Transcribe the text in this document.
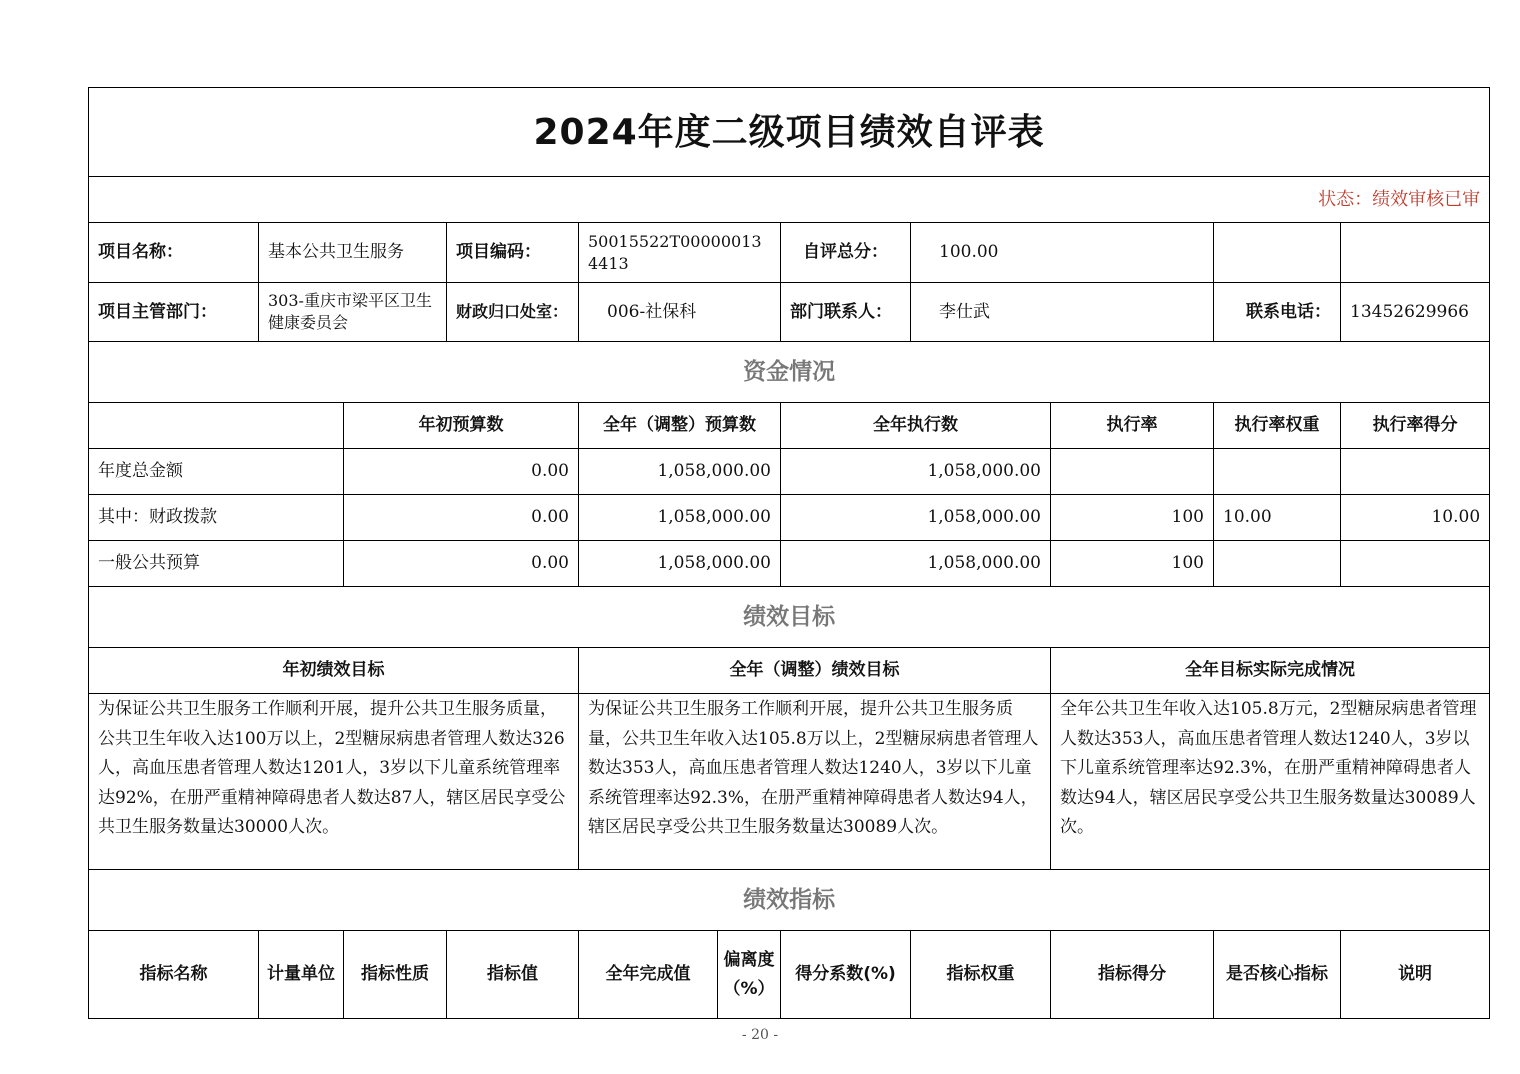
2024年度二级项目绩效自评表										
状态：绩效审核已审										
项目名称：	基本公共卫生服务		项目编码：	50015522T000000134413		自评总分：	100.00			
项目主管部门：	303-重庆市梁平区卫生健康委员会		财政归口处室：	006-社保科		部门联系人：	李仕武		联系电话：	13452629966
资金情况										
		年初预算数		全年（调整）预算数		全年执行数		执行率	执行率权重	执行率得分
年度总金额		0.00		1,058,000.00		1,058,000.00				
其中：财政拨款		0.00		1,058,000.00		1,058,000.00		100	10.00	10.00
一般公共预算		0.00		1,058,000.00		1,058,000.00		100		
绩效目标										
年初绩效目标				全年（调整）绩效目标				全年目标实际完成情况		
为保证公共卫生服务工作顺利开展，提升公共卫生服务质量，公共卫生年收入达100万以上，2型糖尿病患者管理人数达326人，高血压患者管理人数达1201人，3岁以下儿童系统管理率达92%，在册严重精神障碍患者人数达87人，辖区居民享受公共卫生服务数量达30000人次。				为保证公共卫生服务工作顺利开展，提升公共卫生服务质量，公共卫生年收入达105.8万以上，2型糖尿病患者管理人数达353人，高血压患者管理人数达1240人，3岁以下儿童系统管理率达92.3%，在册严重精神障碍患者人数达94人，辖区居民享受公共卫生服务数量达30089人次。				全年公共卫生年收入达105.8万元，2型糖尿病患者管理人数达353人，高血压患者管理人数达1240人，3岁以下儿童系统管理率达92.3%，在册严重精神障碍患者人数达94人，辖区居民享受公共卫生服务数量达30089人次。		
绩效指标										
指标名称	计量单位	指标性质	指标值	全年完成值	偏离度（%）	得分系数(%)	指标权重	指标得分	是否核心指标	说明
- 20 -
